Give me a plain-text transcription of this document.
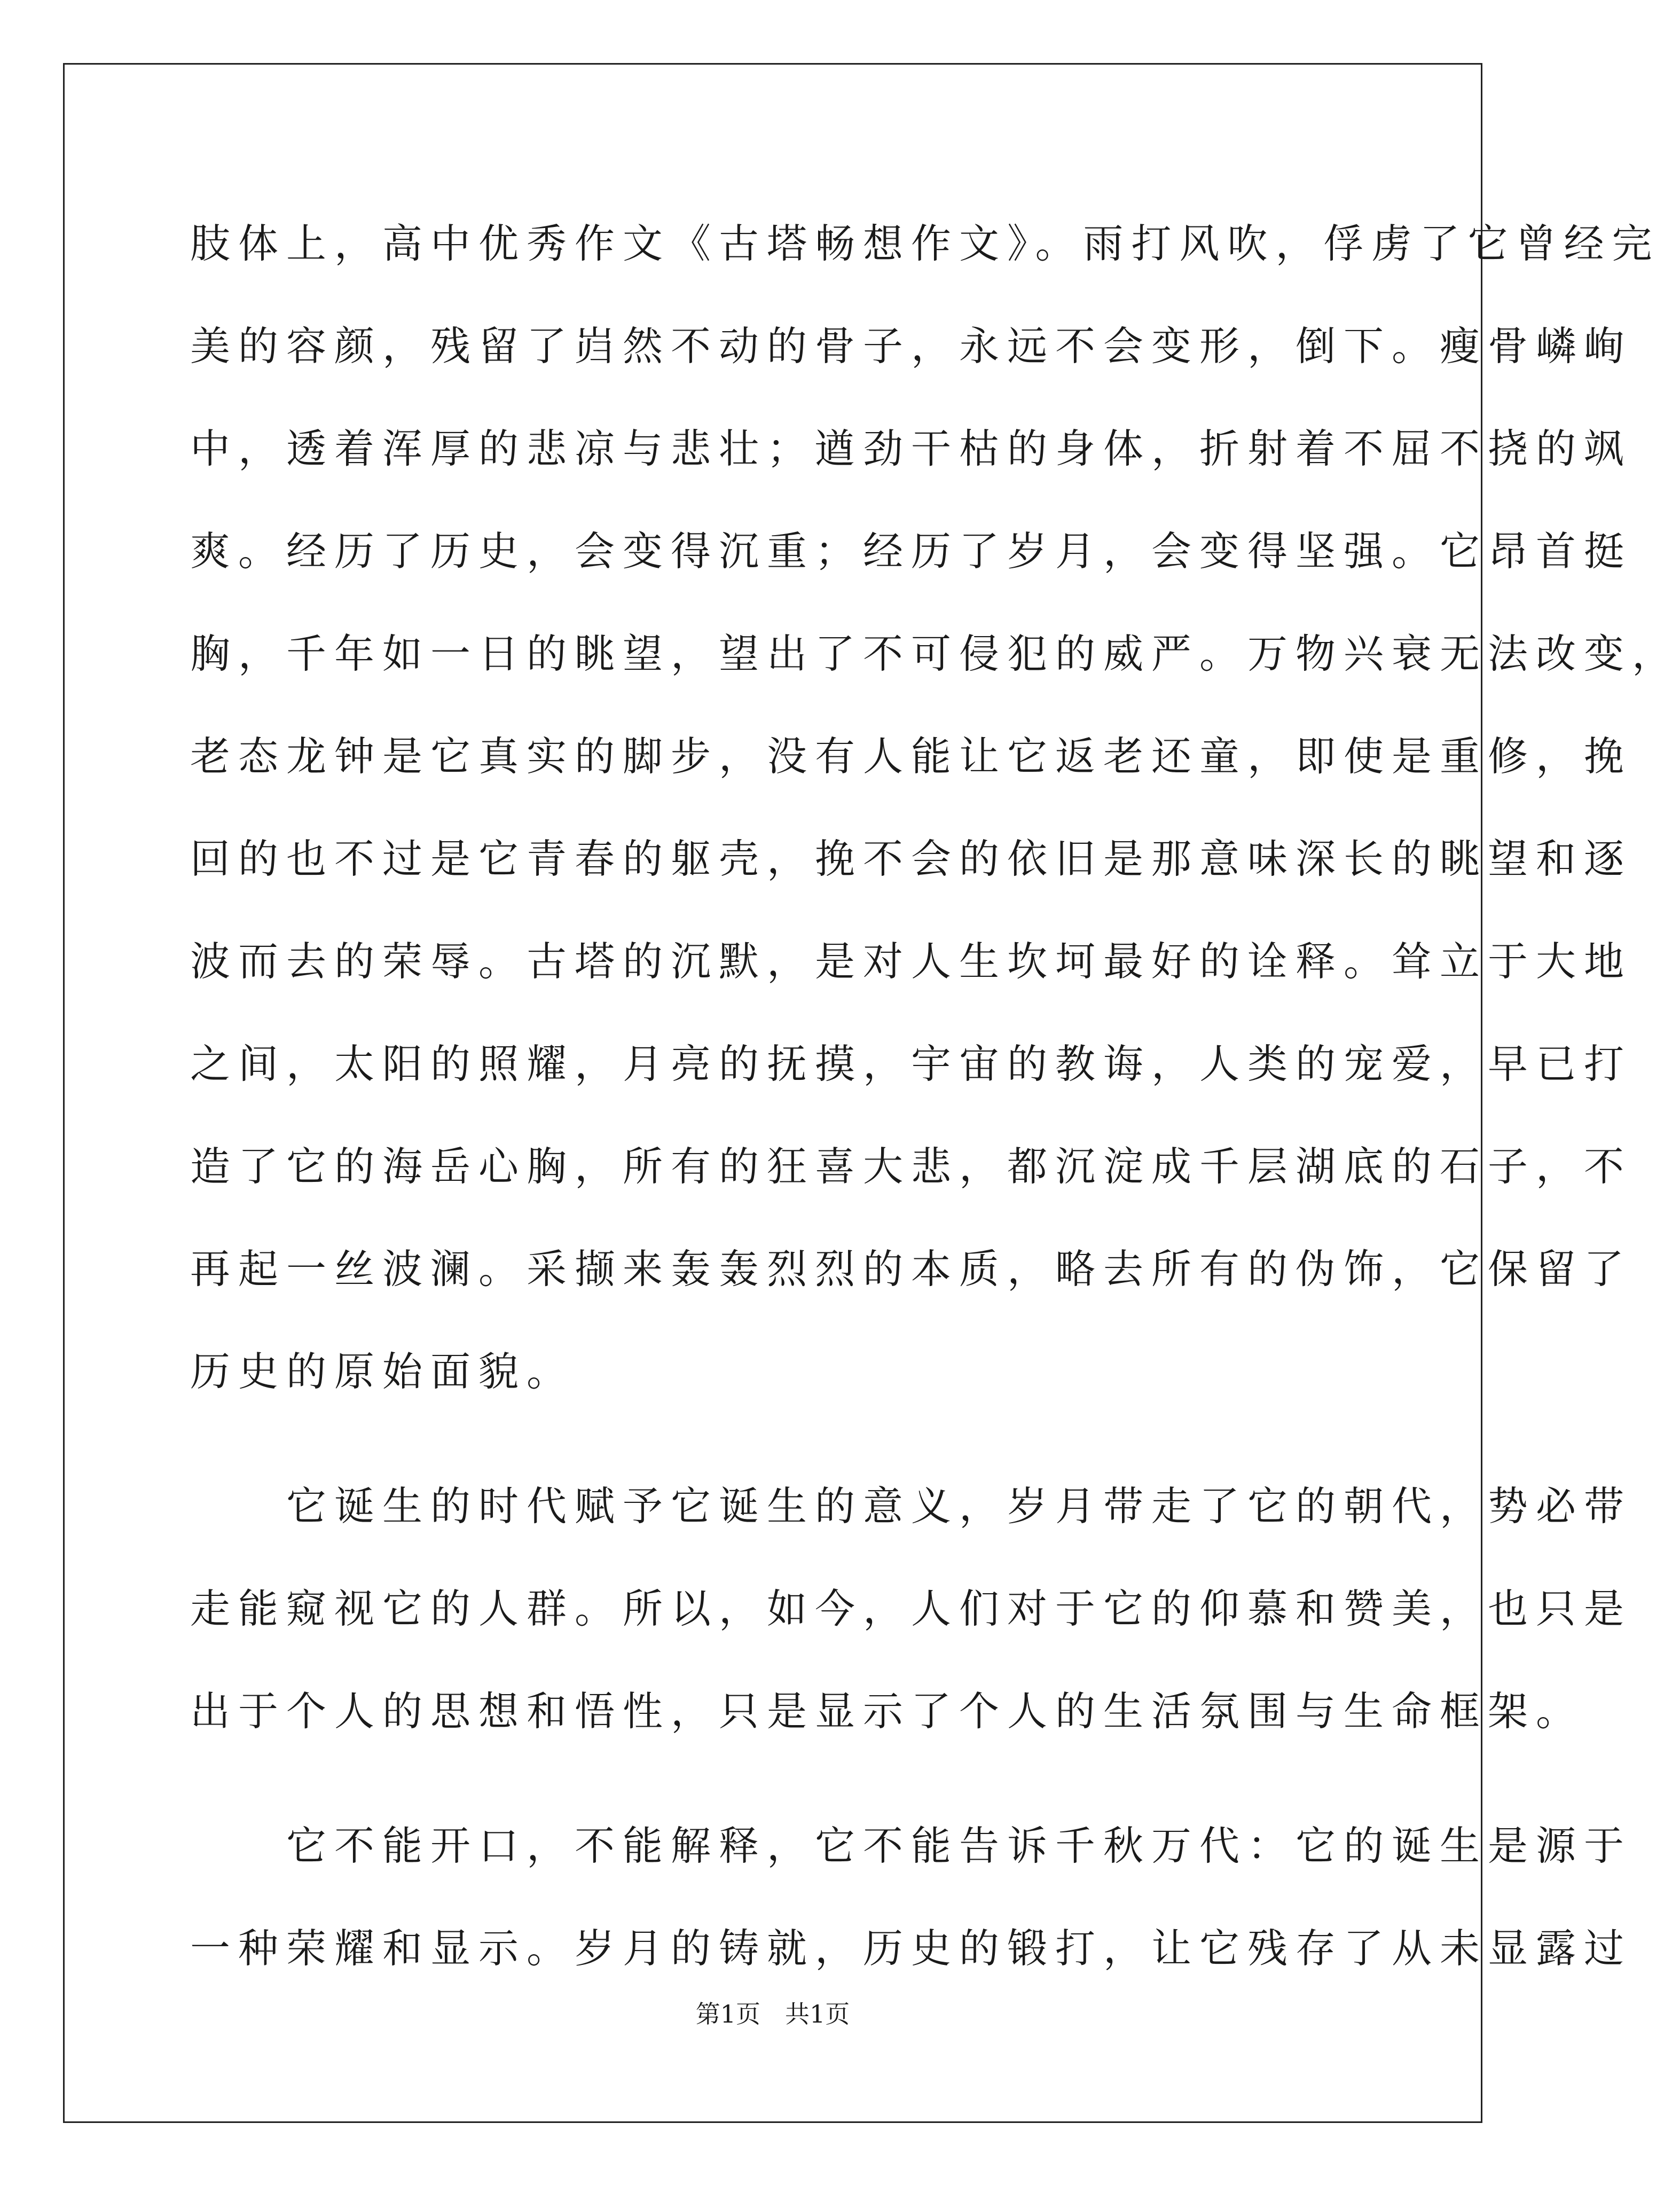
肢体上，高中优秀作文《古塔畅想作文》。雨打风吹，俘虏了它曾经完
美的容颜，残留了岿然不动的骨子，永远不会变形，倒下。瘦骨嶙峋
中，透着浑厚的悲凉与悲壮；遒劲干枯的身体，折射着不屈不挠的飒
爽。经历了历史，会变得沉重；经历了岁月，会变得坚强。它昂首挺
胸，千年如一日的眺望，望出了不可侵犯的威严。万物兴衰无法改变，
老态龙钟是它真实的脚步，没有人能让它返老还童，即使是重修，挽
回的也不过是它青春的躯壳，挽不会的依旧是那意味深长的眺望和逐
波而去的荣辱。古塔的沉默，是对人生坎坷最好的诠释。耸立于大地
之间，太阳的照耀，月亮的抚摸，宇宙的教诲，人类的宠爱，早已打
造了它的海岳心胸，所有的狂喜大悲，都沉淀成千层湖底的石子，不
再起一丝波澜。采撷来轰轰烈烈的本质，略去所有的伪饰，它保留了
历史的原始面貌。
　　它诞生的时代赋予它诞生的意义，岁月带走了它的朝代，势必带
走能窥视它的人群。所以，如今，人们对于它的仰慕和赞美，也只是
出于个人的思想和悟性，只是显示了个人的生活氛围与生命框架。
　　它不能开口，不能解释，它不能告诉千秋万代：它的诞生是源于
一种荣耀和显示。岁月的铸就，历史的锻打，让它残存了从未显露过
第1页　共1页
